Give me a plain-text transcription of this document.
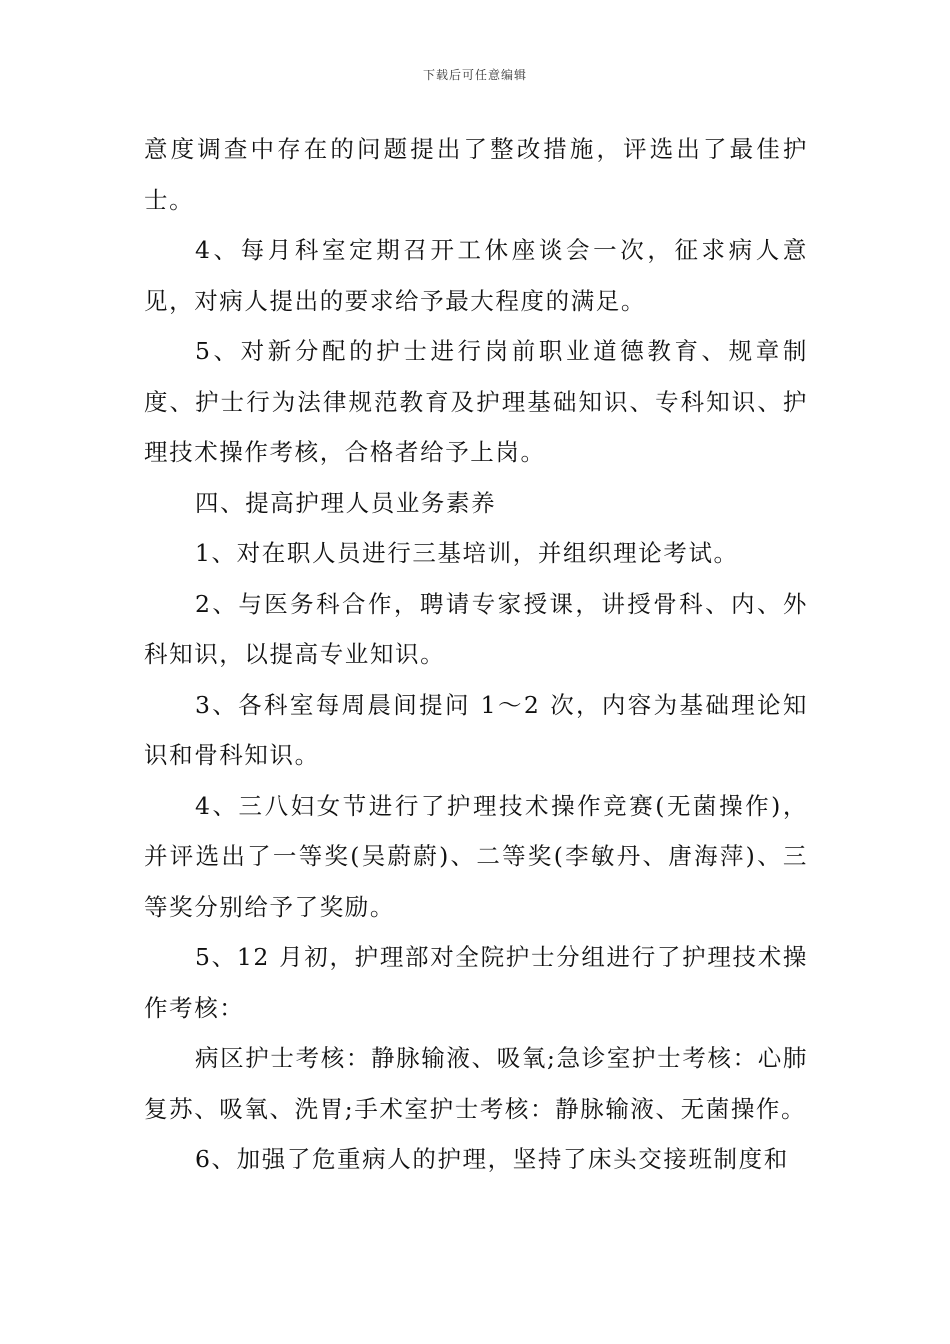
下载后可任意编辑

意度调查中存在的问题提出了整改措施，评选出了最佳护士。

4、每月科室定期召开工休座谈会一次，征求病人意见，对病人提出的要求给予最大程度的满足。

5、对新分配的护士进行岗前职业道德教育、规章制度、护士行为法律规范教育及护理基础知识、专科知识、护理技术操作考核，合格者给予上岗。

四、提高护理人员业务素养

1、对在职人员进行三基培训，并组织理论考试。

2、与医务科合作，聘请专家授课，讲授骨科、内、外科知识，以提高专业知识。

3、各科室每周晨间提问 1～2 次，内容为基础理论知识和骨科知识。

4、三八妇女节进行了护理技术操作竞赛(无菌操作)，并评选出了一等奖(吴蔚蔚)、二等奖(李敏丹、唐海萍)、三等奖分别给予了奖励。

5、12 月初，护理部对全院护士分组进行了护理技术操作考核：

病区护士考核：静脉输液、吸氧;急诊室护士考核：心肺复苏、吸氧、洗胃;手术室护士考核：静脉输液、无菌操作。

6、加强了危重病人的护理，坚持了床头交接班制度和
